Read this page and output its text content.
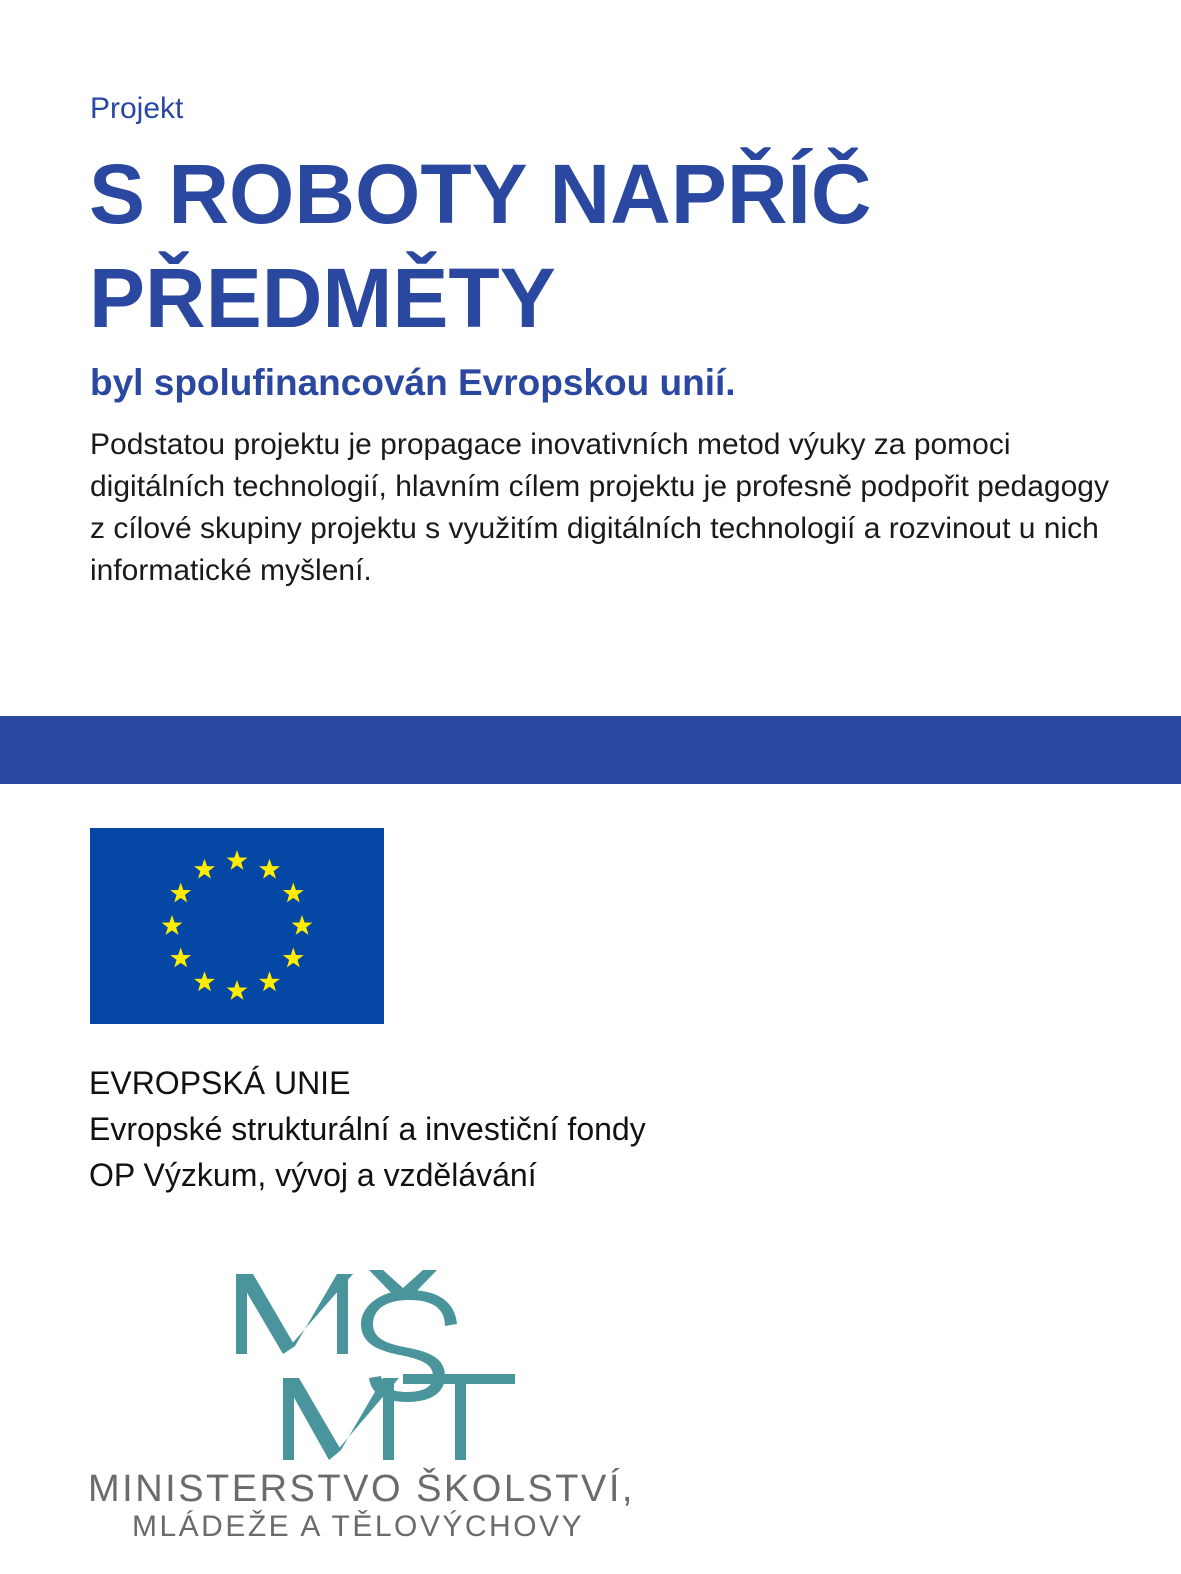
Projekt
S ROBOTY NAPŘÍČ PŘEDMĚTY
byl spolufinancován Evropskou unií.
Podstatou projektu je propagace inovativních metod výuky za pomoci digitálních technologií, hlavním cílem projektu je profesně podpořit pedagogy z cílové skupiny projektu s využitím digitálních technologií a rozvinout u nich informatické myšlení.
EVROPSKÁ UNIE
Evropské strukturální a investiční fondy
OP Výzkum, vývoj a vzdělávání
MINISTERSTVO ŠKOLSTVÍ,
MLÁDEŽE A TĚLOVÝCHOVY
